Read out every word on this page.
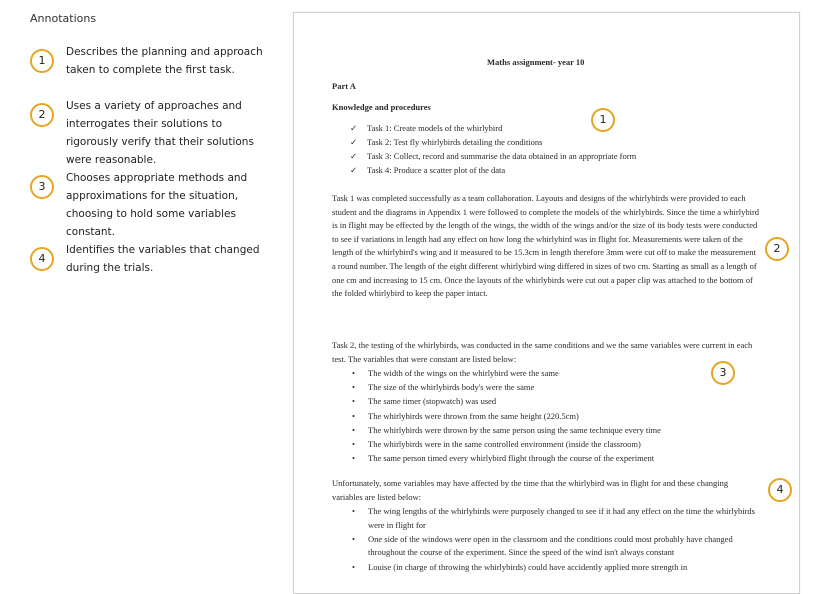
Annotations
1
Describes the planning and approach taken to complete the first task.
2
Uses a variety of approaches and interrogates their solutions to rigorously verify that their solutions were reasonable.
3
Chooses appropriate methods and approximations for the situation, choosing to hold some variables constant.
4
Identifies the variables that changed during the trials.
Maths assignment- year 10
Part A
Knowledge and procedures
✓ Task 1: Create models of the whirlybird
✓ Task 2: Test fly whirlybirds detailing the conditions
✓ Task 3: Collect, record and summarise the data obtained in an appropriate form
✓ Task 4: Produce a scatter plot of the data

Task 1 was completed successfully as a team collaboration. Layouts and designs of the whirlybirds were provided to each student and the diagrams in Appendix 1 were followed to complete the models of the whirlybirds. Since the time a whirlybird is in flight may be effected by the length of the wings, the width of the wings and/or the size of its body tests were conducted to see if variations in length had any effect on how long the whirlybird was in flight for. Measurements were taken of the length of the whirlybird's wing and it measured to be 15.3cm in length therefore 3mm were cut off to make the measurement a round number. The length of the eight different whirlybird wing differed in sizes of two cm. Starting as small as a length of one cm and increasing to 15 cm. Once the layouts of the whirlybirds were cut out a paper clip was attached to the bottom of the folded whirlybird to keep the paper intact.

Task 2, the testing of the whirlybirds, was conducted in the same conditions and we the same variables were current in each test. The variables that were constant are listed below:

• The width of the wings on the whirlybird were the same
• The size of the whirlybirds body's were the same
• The same timer (stopwatch) was used
• The whirlybirds were thrown from the same height (220.5cm)
• The whirlybirds were thrown by the same person using the same technique every time
• The whirlybirds were in the same controlled environment (inside the classroom)
• The same person timed every whirlybird flight through the course of the experiment

Unfortunately, some variables may have affected by the time that the whirlybird was in flight for and these changing variables are listed below:

• The wing lengths of the whirlybirds were purposely changed to see if it had any effect on the time the whirlybirds were in flight for
• One side of the windows were open in the classroom and the conditions could most probably have changed throughout the course of the experiment. Since the speed of the wind isn't always constant
• Louise (in charge of throwing the whirlybirds) could have accidently applied more strength in
1
2
3
4
